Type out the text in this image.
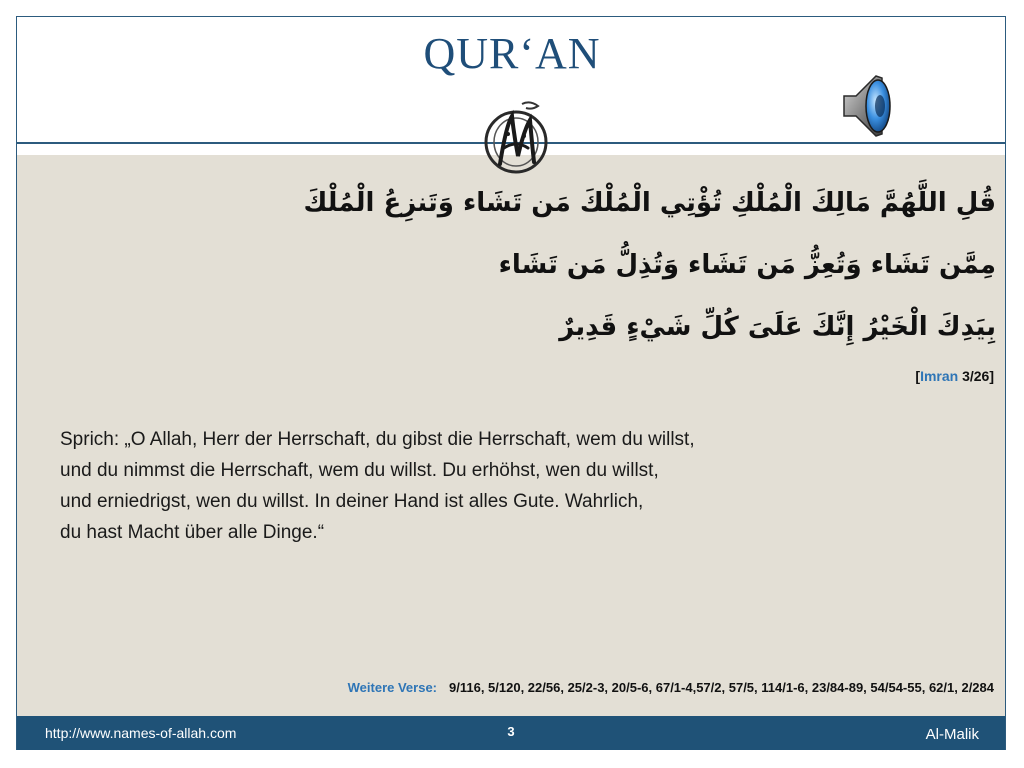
QUR‘AN
قُلِ اللَّهُمَّ مَالِكَ الْمُلْكِ تُؤْتِي الْمُلْكَ مَن تَشَاء وَتَنزِعُ الْمُلْكَ
مِمَّن تَشَاء وَتُعِزُّ مَن تَشَاء وَتُذِلُّ مَن تَشَاء
بِيَدِكَ الْخَيْرُ إِنَّكَ عَلَىَ كُلِّ شَيْءٍ قَدِيرٌ
[Imran 3/26]
Sprich: „O Allah, Herr der Herrschaft, du gibst die Herrschaft, wem du willst,
und du nimmst die Herrschaft, wem du willst. Du erhöhst, wen du willst,
und erniedrigst, wen du willst. In deiner Hand ist alles Gute. Wahrlich,
du hast Macht über alle Dinge.“
Weitere Verse: 9/116, 5/120, 22/56, 25/2-3, 20/5-6, 67/1-4,57/2, 57/5, 114/1-6, 23/84-89, 54/54-55, 62/1, 2/284
http://www.names-of-allah.com	3	Al-Malik
